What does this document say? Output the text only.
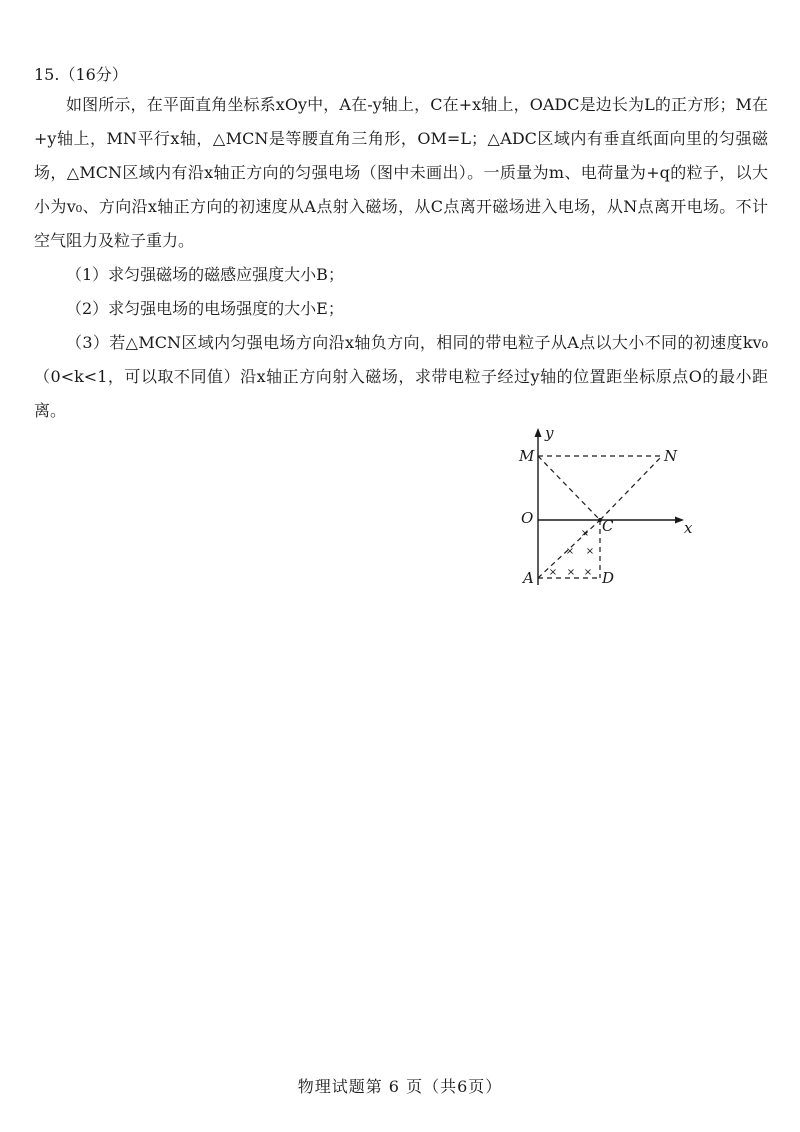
15.（16分）

如图所示，在平面直角坐标系xOy中，A在-y轴上，C在+x轴上，OADC是边长为L的正方形；M在+y轴上，MN平行x轴，△MCN是等腰直角三角形，OM=L；△ADC区域内有垂直纸面向里的匀强磁场，△MCN区域内有沿x轴正方向的匀强电场（图中未画出）。一质量为m、电荷量为+q的粒子，以大小为v₀、方向沿x轴正方向的初速度从A点射入磁场，从C点离开磁场进入电场，从N点离开电场。不计空气阻力及粒子重力。

（1）求匀强磁场的磁感应强度大小B；

（2）求匀强电场的电场强度的大小E；

（3）若△MCN区域内匀强电场方向沿x轴负方向，相同的带电粒子从A点以大小不同的初速度kv₀（0<k<1，可以取不同值）沿x轴正方向射入磁场，求带电粒子经过y轴的位置距坐标原点O的最小距离。

×
× ×
× × ×
y
x
M	N
O	C
A	D
物理试题第 6 页（共6页）
